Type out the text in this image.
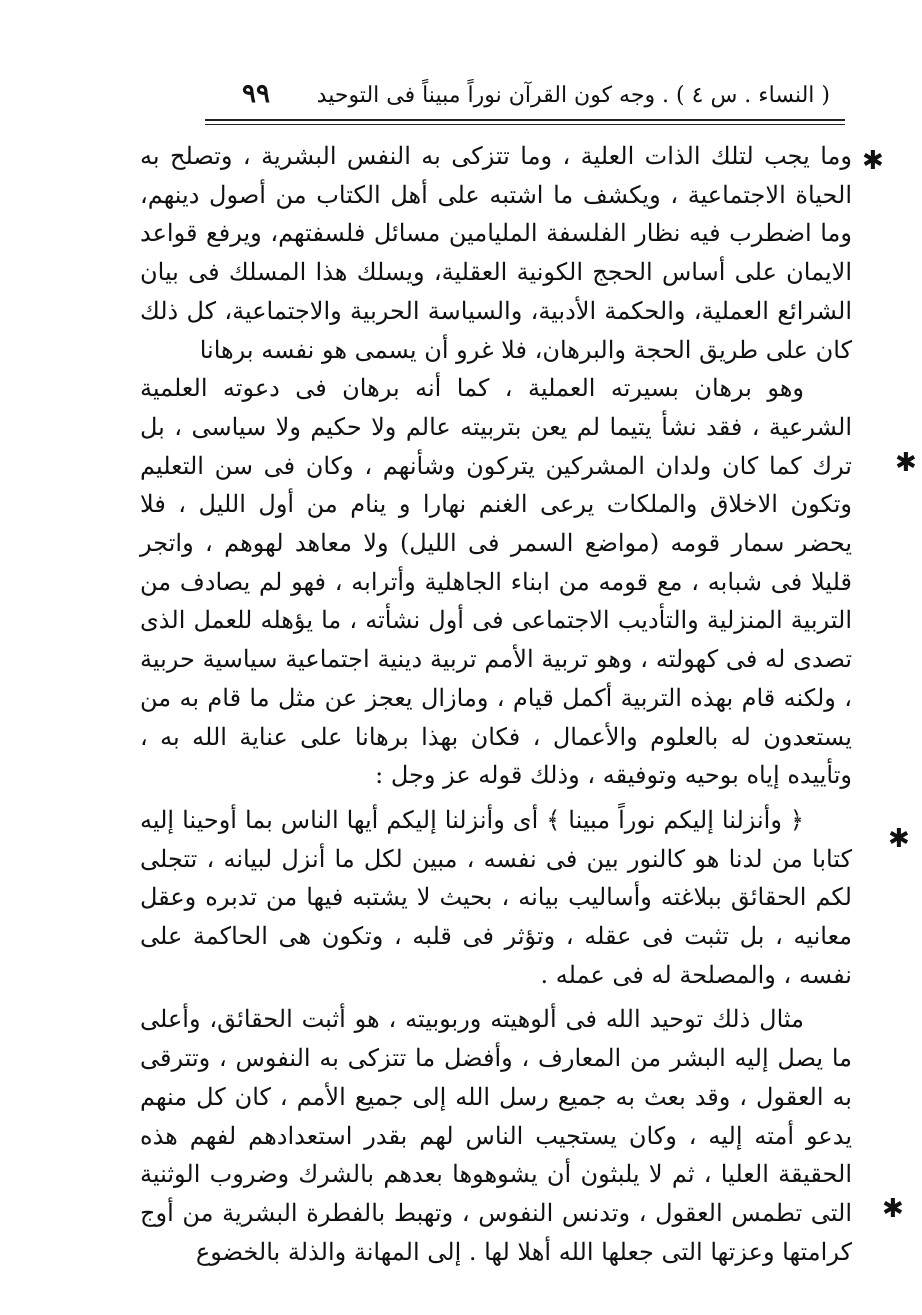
( النساء . س ٤ ) . وجه كون القرآن نوراً مبيناً فى التوحيد
٩٩

وما يجب لتلك الذات العلية ، وما تتزكى به النفس البشرية ، وتصلح به الحياة الاجتماعية ، ويكشف ما اشتبه على أهل الكتاب من أصول دينهم، وما اضطرب فيه نظار الفلسفة المليامين مسائل فلسفتهم، ويرفع قواعد الايمان على أساس الحجج الكونية العقلية، ويسلك هذا المسلك فى بيان الشرائع العملية، والحكمة الأدبية، والسياسة الحربية والاجتماعية، كل ذلك كان على طريق الحجة والبرهان، فلا غرو أن يسمى هو نفسه برهانا

وهو برهان بسيرته العملية ، كما أنه برهان فى دعوته العلمية الشرعية ، فقد نشأ يتيما لم يعن بتربيته عالم ولا حكيم ولا سياسى ، بل ترك كما كان ولدان المشركين يتركون وشأنهم ، وكان فى سن التعليم وتكون الاخلاق والملكات يرعى الغنم نهارا و ينام من أول الليل ، فلا يحضر سمار قومه (مواضع السمر فى الليل) ولا معاهد لهوهم ، واتجر قليلا فى شبابه ، مع قومه من ابناء الجاهلية وأترابه ، فهو لم يصادف من التربية المنزلية والتأديب الاجتماعى فى أول نشأته ، ما يؤهله للعمل الذى تصدى له فى كهولته ، وهو تربية الأمم تربية دينية اجتماعية سياسية حربية ، ولكنه قام بهذه التربية أكمل قيام ، ومازال يعجز عن مثل ما قام به من يستعدون له بالعلوم والأعمال ، فكان بهذا برهانا على عناية الله به ، وتأييده إياه بوحيه وتوفيقه ، وذلك قوله عز وجل :

﴿ وأنزلنا إليكم نوراً مبينا ﴾ أى وأنزلنا إليكم أيها الناس بما أوحينا إليه كتابا من لدنا هو كالنور بين فى نفسه ، مبين لكل ما أنزل لبيانه ، تتجلى لكم الحقائق ببلاغته وأساليب بيانه ، بحيث لا يشتبه فيها من تدبره وعقل معانيه ، بل تثبت فى عقله ، وتؤثر فى قلبه ، وتكون هى الحاكمة على نفسه ، والمصلحة له فى عمله .

مثال ذلك توحيد الله فى ألوهيته وربوبيته ، هو أثبت الحقائق، وأعلى ما يصل إليه البشر من المعارف ، وأفضل ما تتزكى به النفوس ، وتترقى به العقول ، وقد بعث به جميع رسل الله إلى جميع الأمم ، كان كل منهم يدعو أمته إليه ، وكان يستجيب الناس لهم بقدر استعدادهم لفهم هذه الحقيقة العليا ، ثم لا يلبثون أن يشوهوها بعدهم بالشرك وضروب الوثنية التى تطمس العقول ، وتدنس النفوس ، وتهبط بالفطرة البشرية من أوج كرامتها وعزتها التى جعلها الله أهلا لها . إلى المهانة والذلة بالخضوع

✱
✱
✱
✱
